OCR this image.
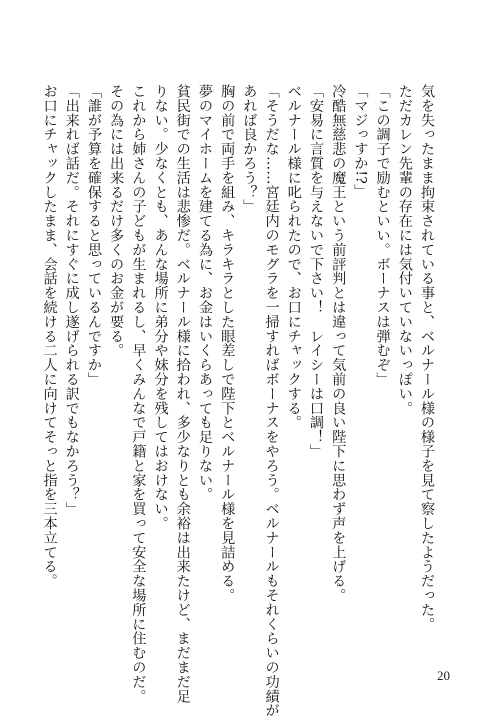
気を失ったまま拘束されている事と、ベルナール様の様子を見て察したようだった。
ただカレン先輩の存在には気付いていないっぽい。
「この調子で励むといい。ボーナスは弾むぞ」
「マジっすか!?」
冷酷無慈悲の魔王という前評判とは違って気前の良い陛下に思わず声を上げる。
「安易に言質を与えないで下さい！　レイシーは口調！」
ベルナール様に叱られたので、お口にチャックする。
「そうだな……宮廷内のモグラを一掃すればボーナスをやろう。ベルナールもそれくらいの功績が
あれば良かろう？」
胸の前で両手を組み、キラキラとした眼差しで陛下とベルナール様を見詰める。
夢のマイホームを建てる為に、お金はいくらあっても足りない。
貧民街での生活は悲惨だ。ベルナール様に拾われ、多少なりとも余裕は出来たけど、まだまだ足
りない。少なくとも、あんな場所に弟分や妹分を残してはおけない。
これから姉さんの子どもが生まれるし、早くみんなで戸籍と家を買って安全な場所に住むのだ。
その為には出来るだけ多くのお金が要る。
「誰が予算を確保すると思っているんですか」
「出来れば話だ。それにすぐに成し遂げられる訳でもなかろう？」
お口にチャックしたまま、会話を続ける二人に向けてそっと指を三本立てる。
20
